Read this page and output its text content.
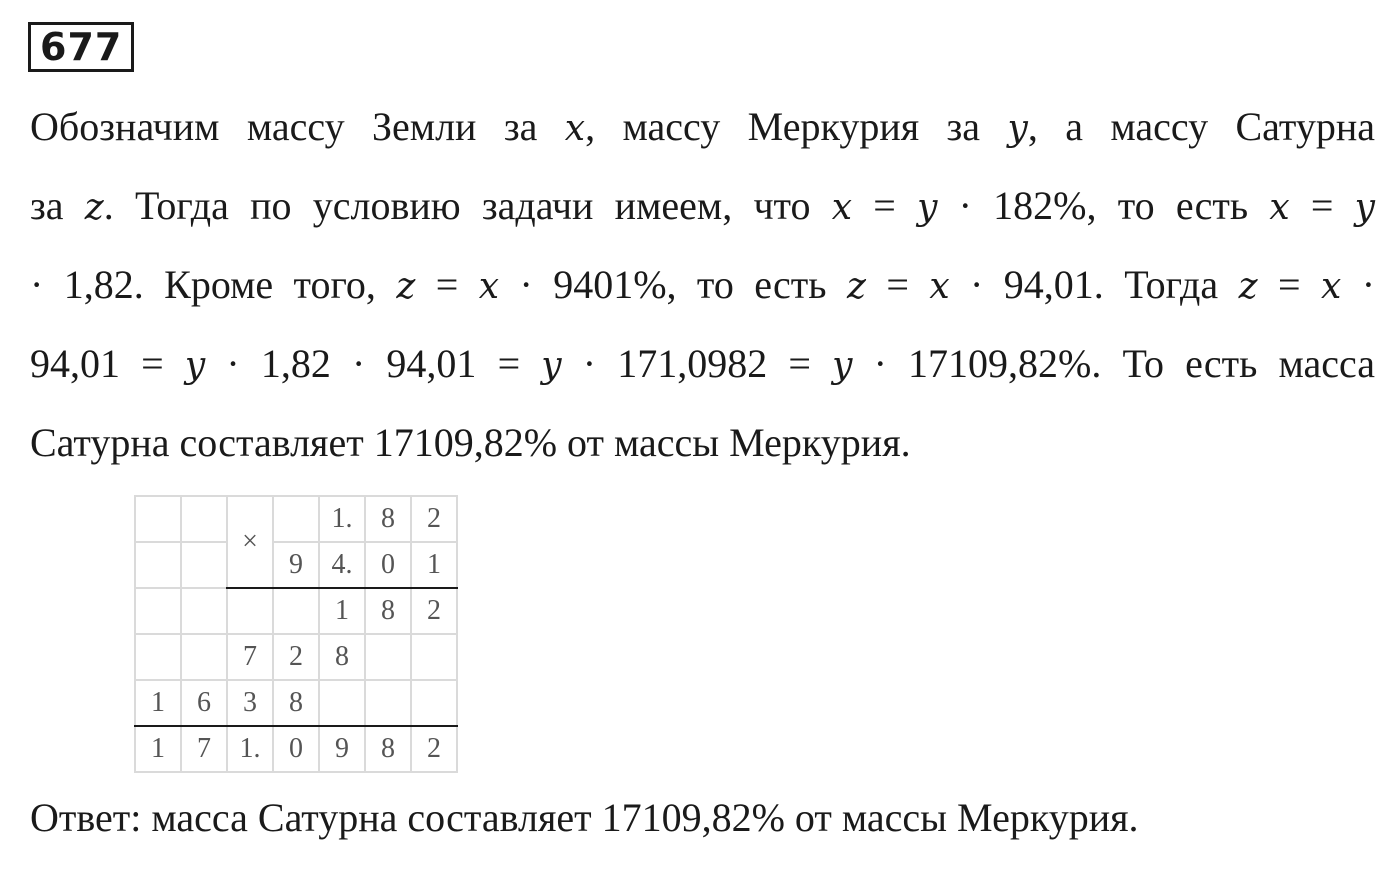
677
Обозначим массу Земли за x, массу Меркурия за y, а массу Сатурна
за z. Тогда по условию задачи имеем, что x = y · 182%, то есть x = y
· 1,82. Кроме того, z = x · 9401%, то есть z = x · 94,01. Тогда z = x ·
94,01 = y · 1,82 · 94,01 = y · 171,0982 = y · 17109,82%. То есть масса
Сатурна составляет 17109,82% от массы Меркурия.
		×		1.	8	2
			9	4.	0	1
				1	8	2
		7	2	8		
1	6	3	8			
1	7	1.	0	9	8	2
Ответ: масса Сатурна составляет 17109,82% от массы Меркурия.
